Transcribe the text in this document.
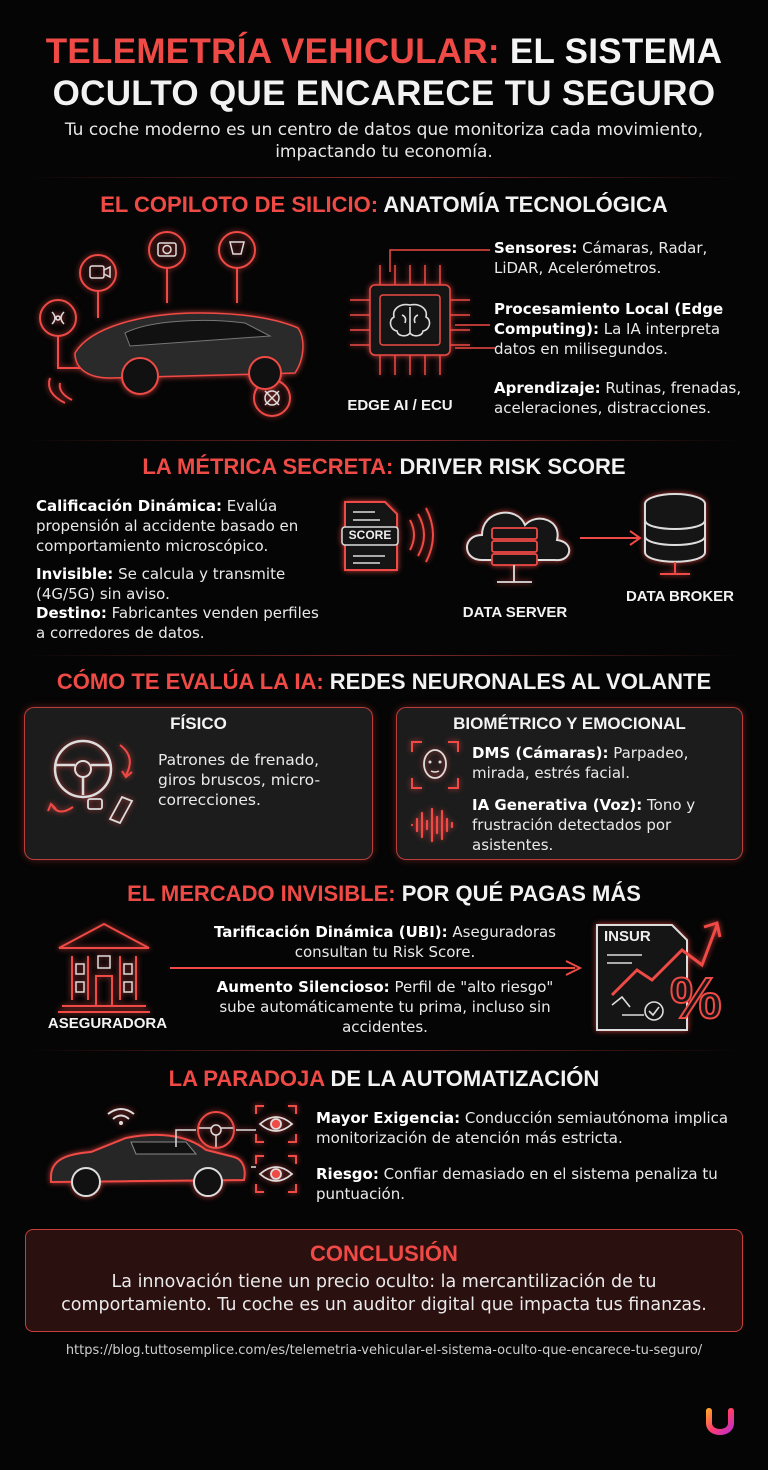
TELEMETRÍA VEHICULAR: EL SISTEMA
OCULTO QUE ENCARECE TU SEGURO
Tu coche moderno es un centro de datos que monitoriza cada movimiento, impactando tu economía.
EL COPILOTO DE SILICIO: ANATOMÍA TECNOLÓGICA
EDGE AI / ECU
Sensores: Cámaras, Radar, LiDAR, Acelerómetros.
Procesamiento Local (Edge Computing): La IA interpreta datos en milisegundos.
Aprendizaje: Rutinas, frenadas, aceleraciones, distracciones.
LA MÉTRICA SECRETA: DRIVER RISK SCORE
Calificación Dinámica: Evalúa propensión al accidente basado en comportamiento microscópico.
Invisible: Se calcula y transmite (4G/5G) sin aviso.
Destino: Fabricantes venden perfiles a corredores de datos.
SCORE
DATA SERVER
DATA BROKER
CÓMO TE EVALÚA LA IA: REDES NEURONALES AL VOLANTE
FÍSICO
Patrones de frenado, giros bruscos, micro-correcciones.
BIOMÉTRICO Y EMOCIONAL
DMS (Cámaras): Parpadeo, mirada, estrés facial.
IA Generativa (Voz): Tono y frustración detectados por asistentes.
EL MERCADO INVISIBLE: POR QUÉ PAGAS MÁS
ASEGURADORA
Tarificación Dinámica (UBI): Aseguradoras consultan tu Risk Score.
Aumento Silencioso: Perfil de "alto riesgo" sube automáticamente tu prima, incluso sin accidentes.
INSUR
%
LA PARADOJA DE LA AUTOMATIZACIÓN
Mayor Exigencia: Conducción semiautónoma implica monitorización de atención más estricta.
Riesgo: Confiar demasiado en el sistema penaliza tu puntuación.
CONCLUSIÓN
La innovación tiene un precio oculto: la mercantilización de tu comportamiento. Tu coche es un auditor digital que impacta tus finanzas.
https://blog.tuttosemplice.com/es/telemetria-vehicular-el-sistema-oculto-que-encarece-tu-seguro/
